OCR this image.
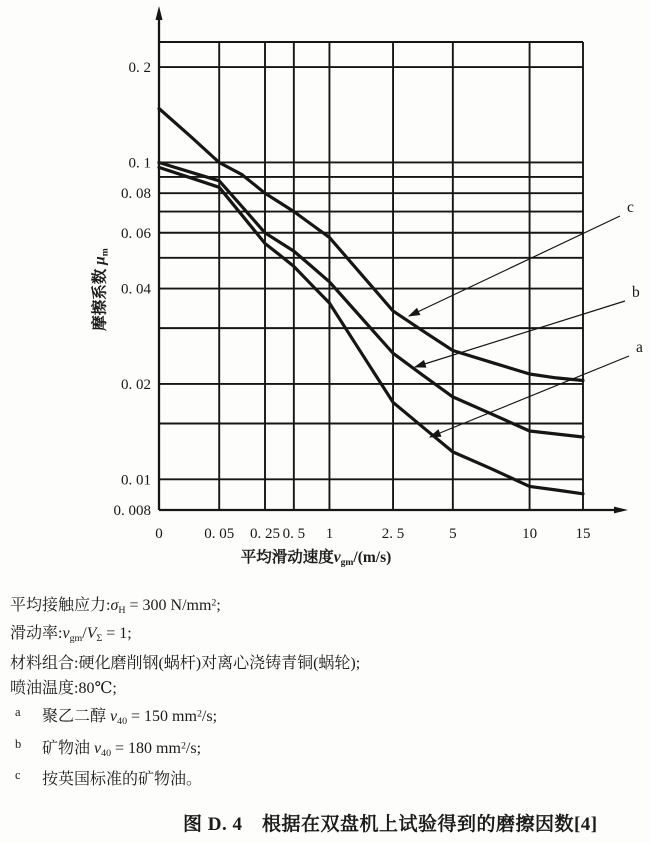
c
b
a
0. 2
0. 1
0. 08
0. 06
0. 04
0. 02
0. 01
0. 008
0	0. 05 0. 25 0. 5 1	2. 5	5	10	15
摩擦系数 μm
平均滑动速度vgm/(m/s)
平均接触应力:σH = 300 $N/mm^2$;
滑动率:vgm/VΣ = 1;
材料组合:硬化磨削钢(蜗杆)对离心浇铸青铜(蜗轮);
喷油温度:80℃;
a 聚乙二醇 ν40 = 150 $mm^2/s$;
b 矿物油 ν40 = 180 $mm^2/s$;
c 按英国标准的矿物油。
图 D. 4　根据在双盘机上试验得到的磨擦因数[4]
